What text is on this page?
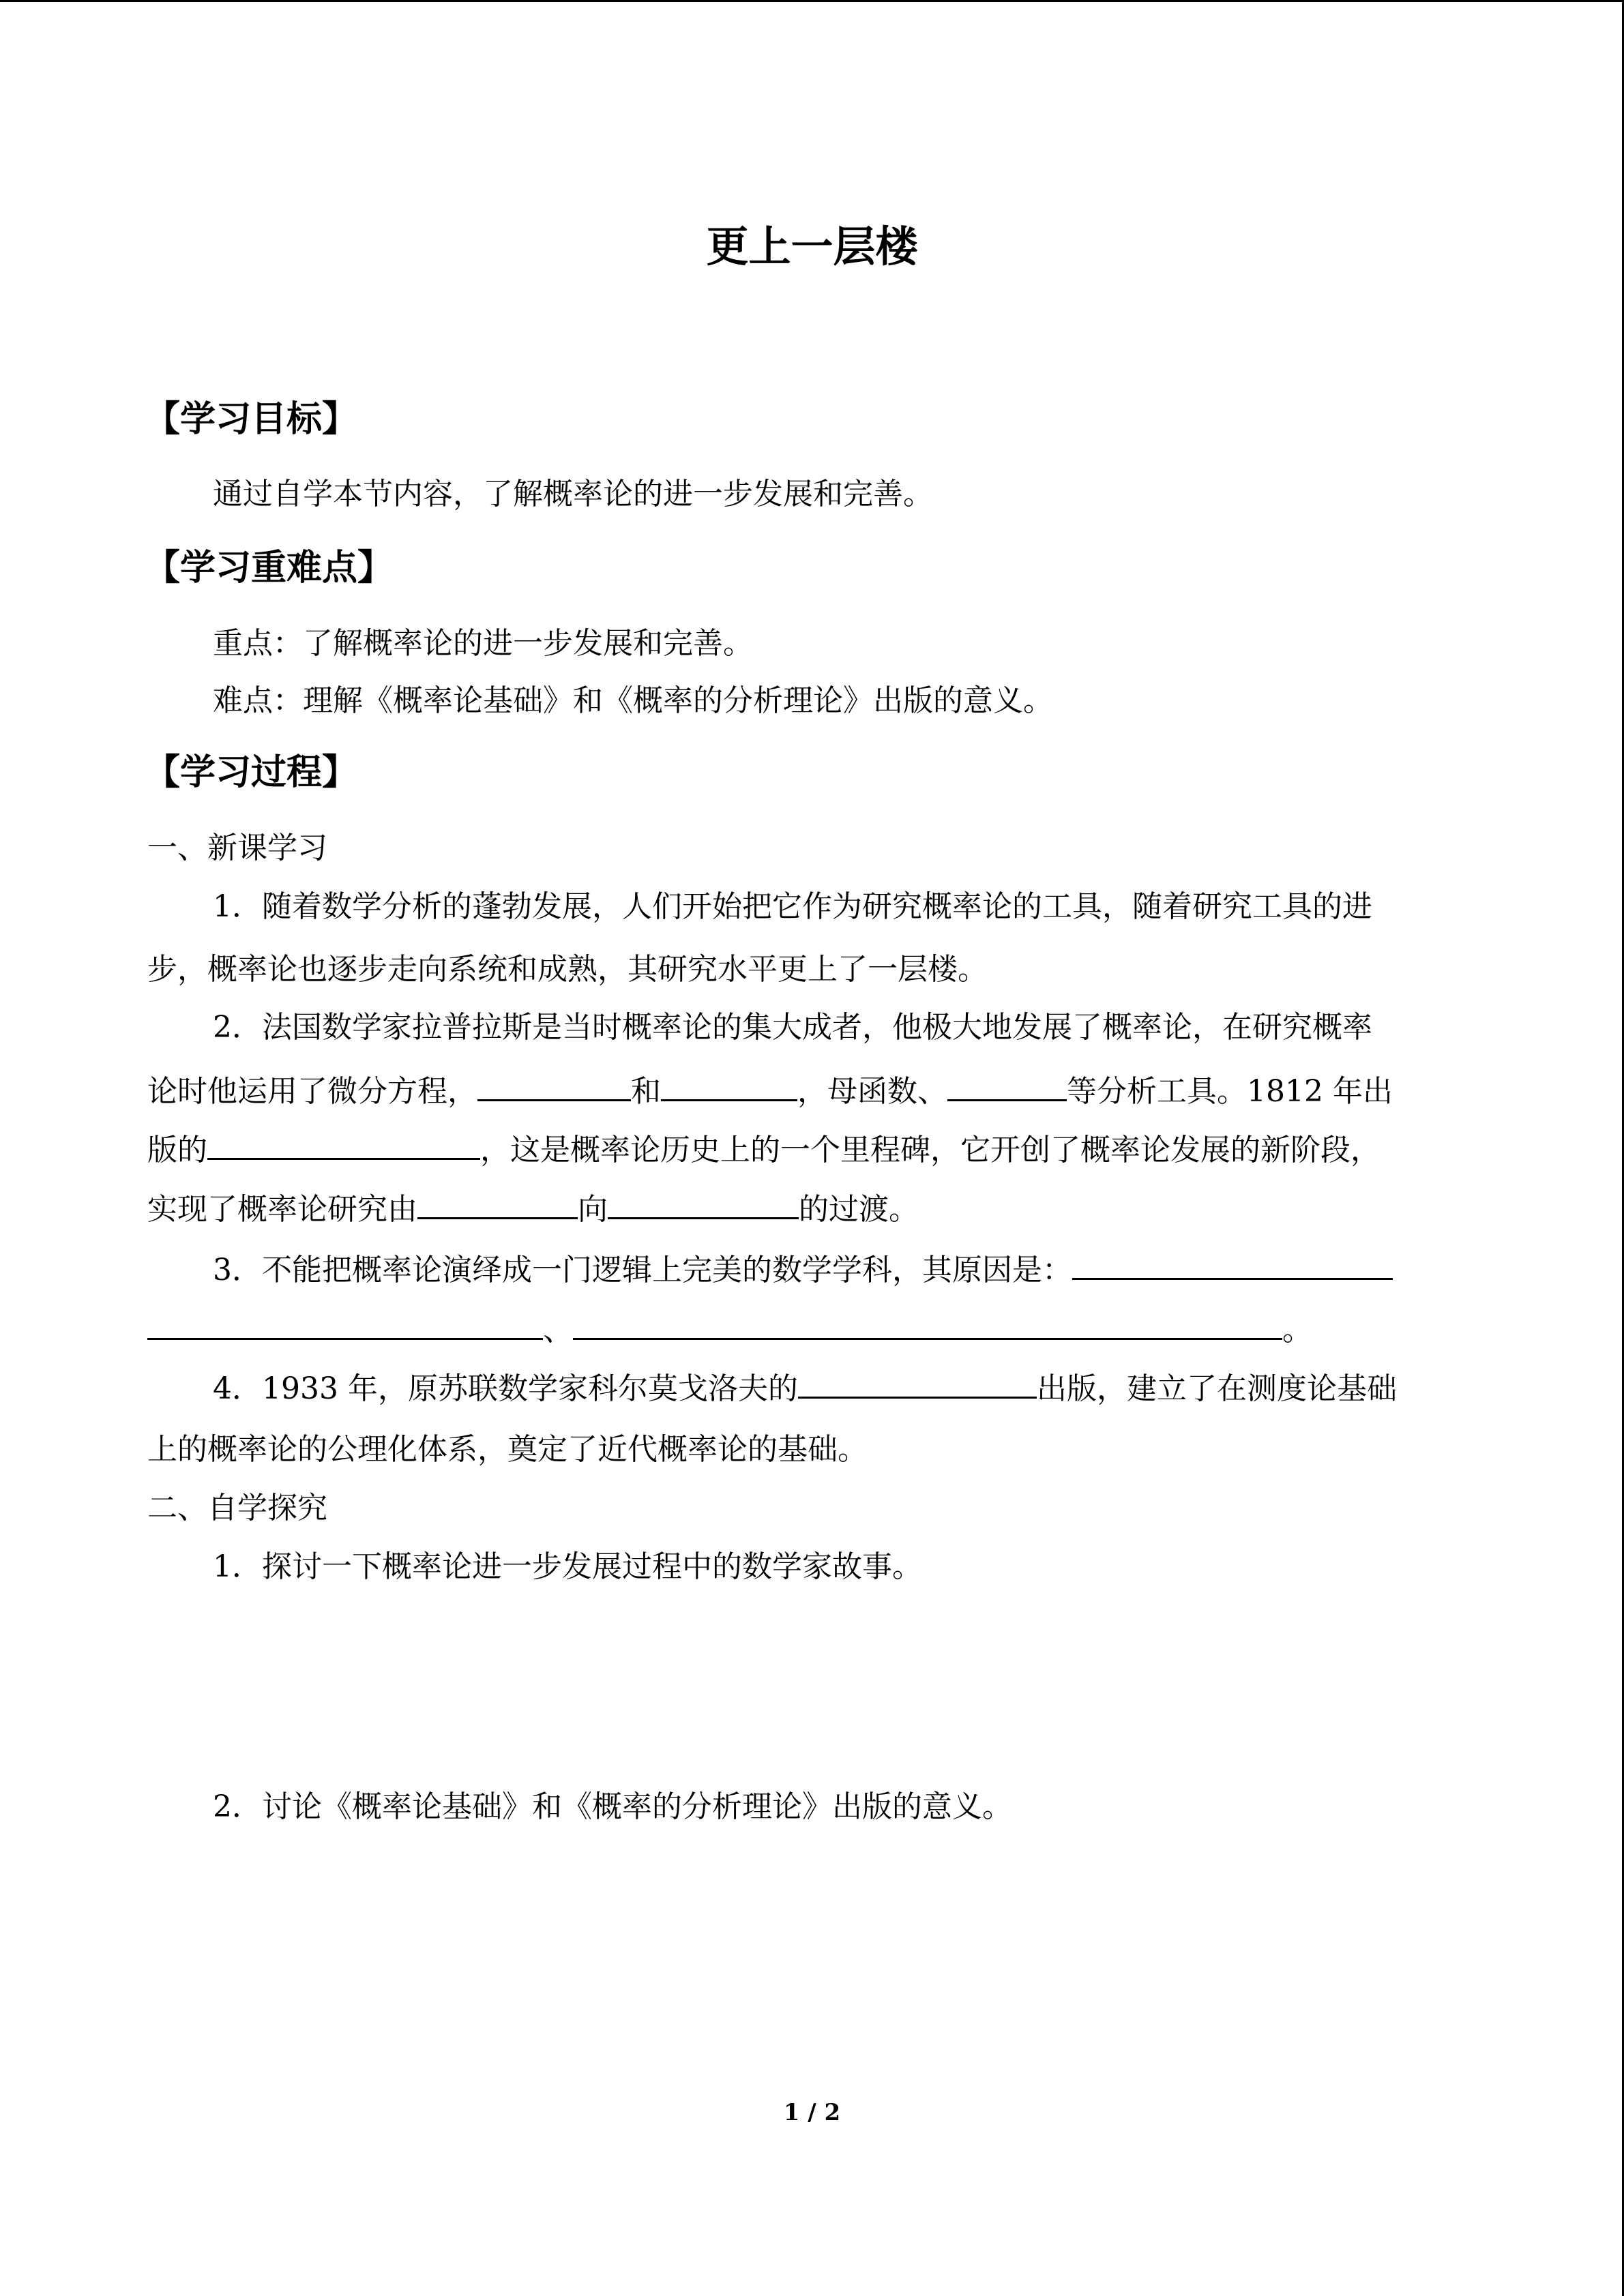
更上一层楼
【学习目标】
通过自学本节内容，了解概率论的进一步发展和完善。
【学习重难点】
重点：了解概率论的进一步发展和完善。
难点：理解《概率论基础》和《概率的分析理论》出版的意义。
【学习过程】
一、新课学习
1．随着数学分析的蓬勃发展，人们开始把它作为研究概率论的工具，随着研究工具的进
步，概率论也逐步走向系统和成熟，其研究水平更上了一层楼。
2．法国数学家拉普拉斯是当时概率论的集大成者，他极大地发展了概率论，在研究概率
论时他运用了微分方程，	和	，母函数、	等分析工具。1812 年出
版的	，这是概率论历史上的一个里程碑，它开创了概率论发展的新阶段，
实现了概率论研究由	向	的过渡。
3．不能把概率论演绎成一门逻辑上完美的数学学科，其原因是：
、	。
4．1933 年，原苏联数学家科尔莫戈洛夫的	出版，建立了在测度论基础
上的概率论的公理化体系，奠定了近代概率论的基础。
二、自学探究
1．探讨一下概率论进一步发展过程中的数学家故事。
2．讨论《概率论基础》和《概率的分析理论》出版的意义。
1 / 2
